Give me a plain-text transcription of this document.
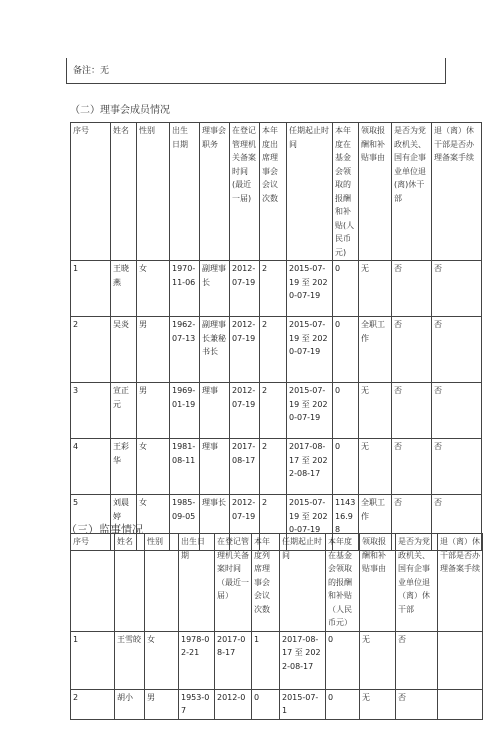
备注：无
（二）理事会成员情况
序号	姓名	性别	出生 日期	理事会职务	在登记管理机关备案时间(最近一届)	本年度出席理事会会议次数	任期起止时间	本年度在基金会领取的报酬和补贴(人民币元)	领取报酬和补贴事由	是否为党政机关、国有企事业单位退(离)休干部	退（离）休干部是否办理备案手续
1	王晓燕	女	1970-11-06	副理事长	2012-07-19	2	2015-07-19 至 2020-07-19	0	无	否	否
2	吴炎	男	1962-07-13	副理事长兼秘书长	2012-07-19	2	2015-07-19 至 2020-07-19	0	全职工作	否	否
3	宣正元	男	1969-01-19	理事	2012-07-19	2	2015-07-19 至 2020-07-19	0	无	否	否
4	王彩华	女	1981-08-11	理事	2017-08-17	2	2017-08-17 至 2022-08-17	0	无	否	否
5	刘晨婷	女	1985-09-05	理事长	2012-07-19	2	2015-07-19 至 2020-07-19	114316.98	全职工作	否	否
（三）监事情况
序号	姓名	性别	出生日期	在登记管理机关备案时间（最近一届）	本年度列席理事会会议次数	任期起止时间	本年度在基金会领取的报酬和补贴（人民币元）	领取报酬和补贴事由	是否为党政机关、国有企事业单位退（离）休干部	退（离）休干部是否办理备案手续
1	王雪皎	女	1978-02-21	2017-08-17	1	2017-08-17 至 2022-08-17	0	无	否	
2	胡小	男	1953-07	2012-0	0	2015-07-1	0	无	否	
